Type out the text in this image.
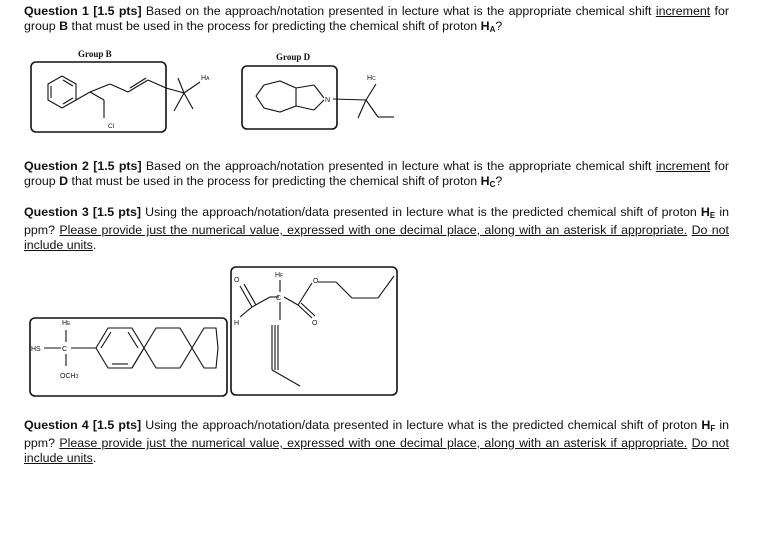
Question 1 [1.5 pts] Based on the approach/notation presented in lecture what is the appropriate chemical shift increment for group B that must be used in the process for predicting the chemical shift of proton $H_A$?
Group B	Group D
HA
Cl
HC
N
Question 2 [1.5 pts] Based on the approach/notation presented in lecture what is the appropriate chemical shift increment for group D that must be used in the process for predicting the chemical shift of proton $H_C$?
Question 3 [1.5 pts] Using the approach/notation/data presented in lecture what is the predicted chemical shift of proton $H_E$ in ppm? Please provide just the numerical value, expressed with one decimal place, along with an asterisk if appropriate. Do not include units.
HE
HS	C
OCH3
HF
C
O	O
O
H
Question 4 [1.5 pts] Using the approach/notation/data presented in lecture what is the predicted chemical shift of proton $H_F$ in ppm? Please provide just the numerical value, expressed with one decimal place, along with an asterisk if appropriate. Do not include units.
